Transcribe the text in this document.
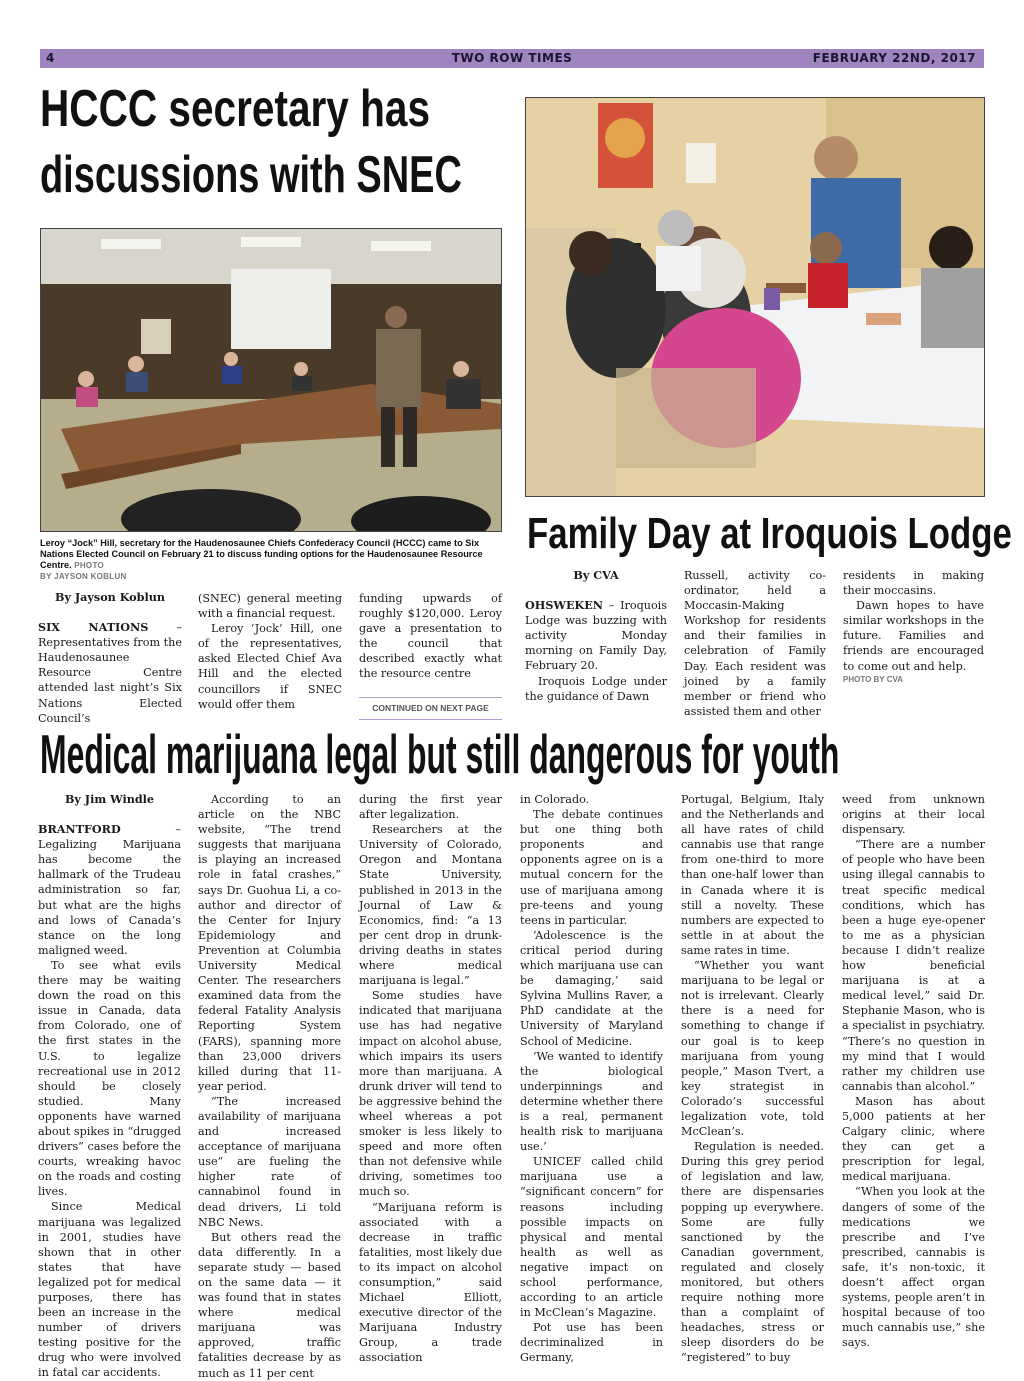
4	TWO ROW TIMES	FEBRUARY 22ND, 2017
HCCC secretary has
discussions with SNEC
Leroy “Jock” Hill, secretary for the Haudenosaunee Chiefs Confederacy Council (HCCC) came to Six Nations Elected Council on February 21 to discuss funding options for the Haudenosaunee Resource Centre. PHOTO
BY JAYSON KOBLUN
By Jayson Koblun

SIX NATIONS	– Representatives from the Haudenosaunee Resource Centre attended last night’s Six Nations Elected Council’s

(SNEC) general meeting with a financial request.

Leroy ‘Jock’ Hill, one of the representatives, asked Elected Chief Ava Hill and the elected councillors if SNEC would offer them

funding upwards of roughly $120,000. Leroy gave a presentation to the council that described exactly what the resource centre

CONTINUED ON NEXT PAGE
Family Day at Iroquois Lodge
By CVA

OHSWEKEN – Iroquois Lodge was buzzing with activity Monday morning on Family Day, February 20.

Iroquois Lodge under the guidance of Dawn

Russell, activity co-ordinator, held a Moccasin-Making Workshop for residents and their families in celebration of Family Day. Each resident was joined by a family member or friend who assisted them and other

residents in making their moccasins.

Dawn hopes to have similar workshops in the future. Families and friends are encouraged to come out and help.

PHOTO BY CVA
Medical marijuana legal but still dangerous for youth
By Jim Windle

BRANTFORD	– Legalizing Marijuana has become the hallmark of the Trudeau administration so far, but what are the highs and lows of Canada’s stance on the long maligned weed.

To see what evils there may be waiting down the road on this issue in Canada, data from Colorado, one of the first states in the U.S. to legalize recreational use in 2012 should be closely studied. Many opponents have warned about spikes in “drugged drivers” cases before the courts, wreaking havoc on the roads and costing lives.

Since Medical marijuana was legalized in 2001, studies have shown that in other states that have legalized pot for medical purposes, there has been an increase in the number of drivers testing positive for the drug who were involved in fatal car accidents.

According to an article on the NBC website, “The trend suggests that marijuana is playing an increased role in fatal crashes,” says Dr. Guohua Li, a co-author and director of the Center for Injury Epidemiology and Prevention at Columbia University Medical Center. The researchers examined data from the federal Fatality Analysis Reporting System (FARS), spanning more than 23,000 drivers killed during that 11-year period.

“The increased availability of marijuana and increased acceptance of marijuana use” are fueling the higher rate of cannabinol found in dead drivers, Li told NBC News.

But others read the data differently. In a separate study — based on the same data — it was found that in states where medical marijuana was approved, traffic fatalities decrease by as much as 11 per cent

during the first year after legalization.

Researchers at the University of Colorado, Oregon and Montana State University, published in 2013 in the Journal of Law & Economics, find: “a 13 per cent drop in drunk-driving deaths in states where medical marijuana is legal.”

Some studies have indicated that marijuana use has had negative impact on alcohol abuse, which impairs its users more than marijuana. A drunk driver will tend to be aggressive behind the wheel whereas a pot smoker is less likely to speed and more often than not defensive while driving, sometimes too much so.

“Marijuana reform is associated with a decrease in traffic fatalities, most likely due to its impact on alcohol consumption,” said Michael Elliott, executive director of the Marijuana Industry Group, a trade association

in Colorado.

The debate continues but one thing both proponents and opponents agree on is a mutual concern for the use of marijuana among pre-teens and young teens in particular.

‘Adolescence is the critical period during which marijuana use can be damaging,’ said Sylvina Mullins Raver, a PhD candidate at the University of Maryland School of Medicine.

‘We wanted to identify the biological underpinnings and determine whether there is a real, permanent health risk to marijuana use.’

UNICEF called child marijuana use a “significant concern” for reasons including possible impacts on physical and mental health as well as negative impact on school performance, according to an article in McClean’s Magazine.

Pot use has been decriminalized in Germany,

Portugal, Belgium, Italy and the Netherlands and all have rates of child cannabis use that range from one-third to more than one-half lower than in Canada where it is still a novelty. These numbers are expected to settle in at about the same rates in time.

“Whether you want marijuana to be legal or not is irrelevant. Clearly there is a need for something to change if our goal is to keep marijuana from young people,” Mason Tvert, a key strategist in Colorado’s successful legalization vote, told McClean’s.

Regulation is needed. During this grey period of legislation and law, there are dispensaries popping up everywhere. Some are fully sanctioned by the Canadian government, regulated and closely monitored, but others require nothing more than a complaint of headaches, stress or sleep disorders do be “registered” to buy

weed from unknown origins at their local dispensary.

“There are a number of people who have been using illegal cannabis to treat specific medical conditions, which has been a huge eye-opener to me as a physician because I didn’t realize how beneficial marijuana is at a medical level,” said Dr. Stephanie Mason, who is a specialist in psychiatry. “There’s no question in my mind that I would rather my children use cannabis than alcohol.”

Mason has about 5,000 patients at her Calgary clinic, where they can get a prescription for legal, medical marijuana.

“When you look at the dangers of some of the medications we prescribe and I’ve prescribed, cannabis is safe, it’s non-toxic, it doesn’t affect organ systems, people aren’t in hospital because of too much cannabis use,” she says.
